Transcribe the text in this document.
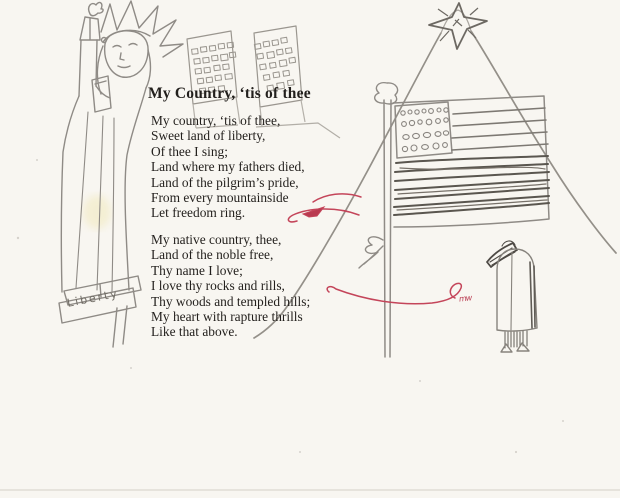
My Country, ‘tis of thee
My country, ‘tis of thee,
Sweet land of liberty,
Of thee I sing;
Land where my fathers died,
Land of the pilgrim’s pride,
From every mountainside
Let freedom ring.
My native country, thee,
Land of the noble free,
Thy name I love;
I love thy rocks and rills,
Thy woods and templed hills;
My heart with rapture thrills
Like that above.
Liberty	mw
